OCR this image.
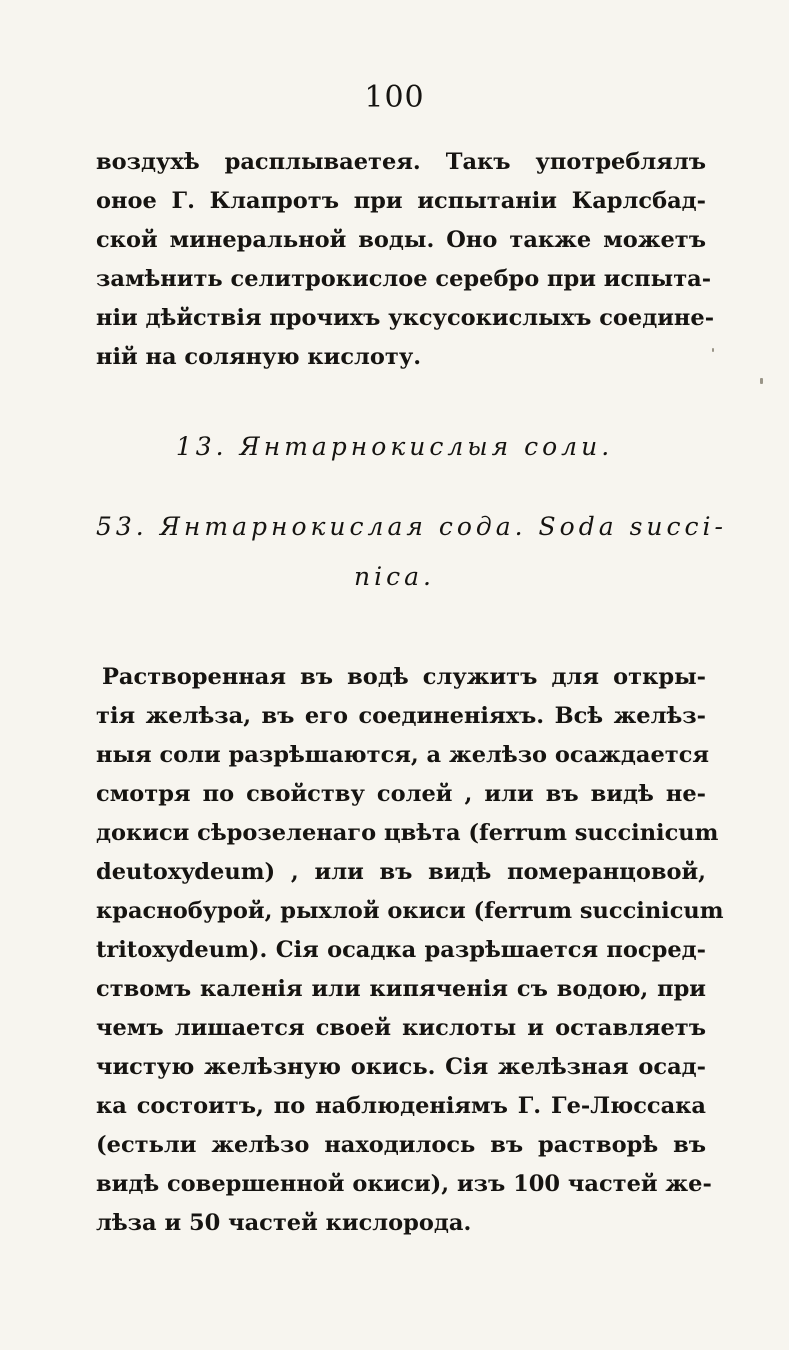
100
воздухѣ расплываетея. Такъ употреблялъ
оное Г. Клапротъ при испытаніи Карлсбад-
ской минеральной воды. Оно также можетъ
замѣнить селитрокислое серебро при испыта-
ніи дѣйствія прочихъ уксусокислыхъ соедине-
ній на соляную кислоту.
13. Янтарнокислыя соли.
53. Янтарнокислая сода. Soda succi-
nica.
Растворенная въ водѣ служитъ для откры-
тія желѣза, въ его соединеніяхъ. Всѣ желѣз-
ныя соли разрѣшаются, а желѣзо осаждается
смотря по свойству солей , или въ видѣ не-
докиси сѣрозеленаго цвѣта (ferrum succinicum
deutoxydeum) , или въ видѣ померанцовой,
краснобурой, рыхлой окиси (ferrum succinicum
tritoxydeum). Сія осадка разрѣшается посред-
ствомъ каленія или кипяченія съ водою, при
чемъ лишается своей кислоты и оставляетъ
чистую желѣзную окись. Сія желѣзная осад-
ка состоитъ, по наблюденіямъ Г. Ге-Люссака
(естьли желѣзо находилось въ растворѣ въ
видѣ совершенной окиси), изъ 100 частей же-
лѣза и 50 частей кислорода.
